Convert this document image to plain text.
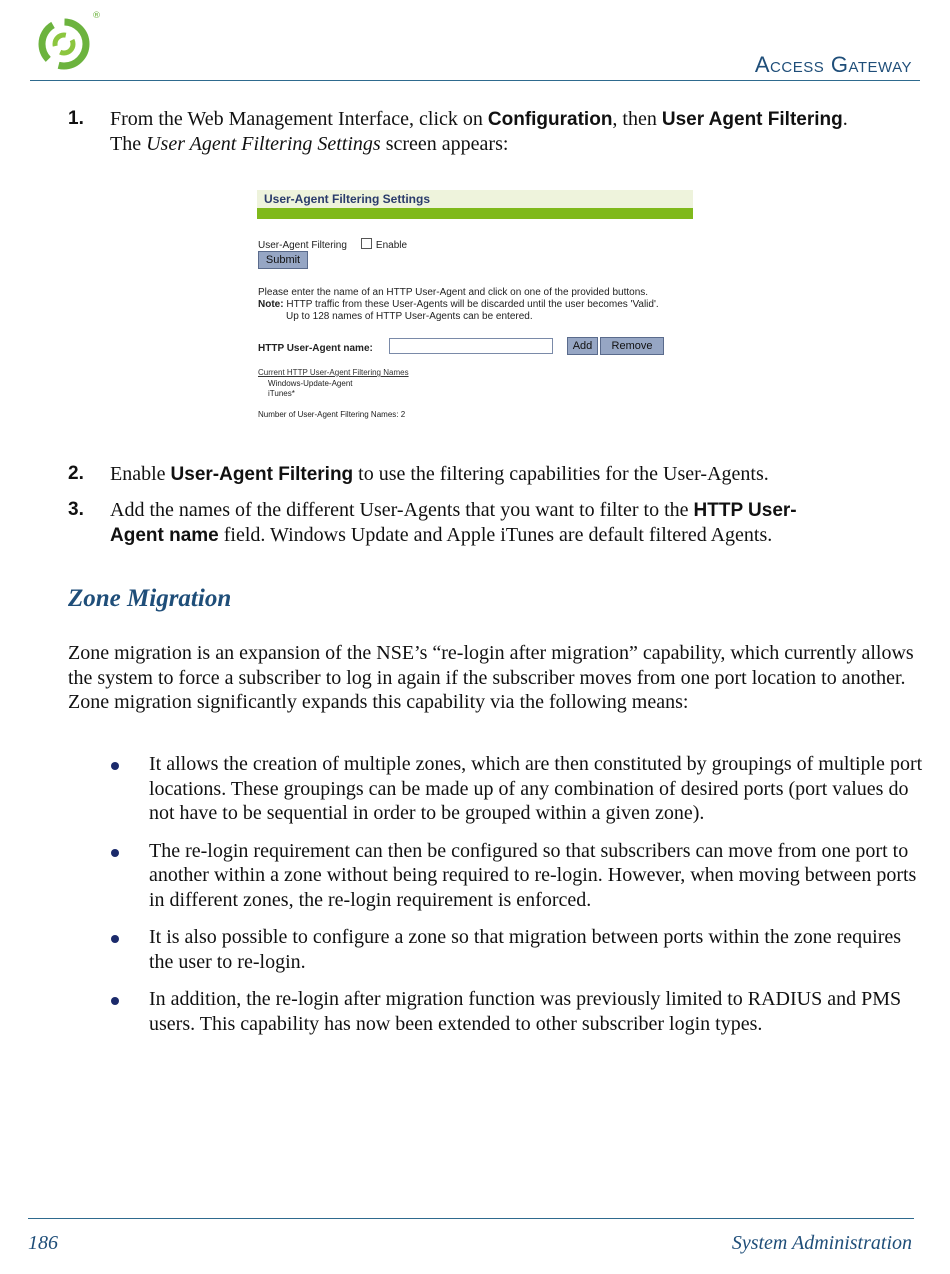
®
Access Gateway
1. From the Web Management Interface, click on Configuration, then User Agent Filtering.
The User Agent Filtering Settings screen appears:
User-Agent Filtering Settings
User-Agent Filtering	Enable
Submit
Please enter the name of an HTTP User-Agent and click on one of the provided buttons.
Note: HTTP traffic from these User-Agents will be discarded until the user becomes 'Valid'.
Up to 128 names of HTTP User-Agents can be entered.
HTTP User-Agent name:	Add	Remove
Current HTTP User-Agent Filtering Names
Windows-Update-Agent
iTunes*
Number of User-Agent Filtering Names: 2
2. Enable User-Agent Filtering to use the filtering capabilities for the User-Agents.
3. Add the names of the different User-Agents that you want to filter to the HTTP User-
Agent name field. Windows Update and Apple iTunes are default filtered Agents.
Zone Migration
Zone migration is an expansion of the NSE’s “re-login after migration” capability, which currently allows the system to force a subscriber to log in again if the subscriber moves from one port location to another. Zone migration significantly expands this capability via the following means:
It allows the creation of multiple zones, which are then constituted by groupings of multiple port locations. These groupings can be made up of any combination of desired ports (port values do not have to be sequential in order to be grouped within a given zone).
The re-login requirement can then be configured so that subscribers can move from one port to another within a zone without being required to re-login. However, when moving between ports in different zones, the re-login requirement is enforced.
It is also possible to configure a zone so that migration between ports within the zone requires the user to re-login.
In addition, the re-login after migration function was previously limited to RADIUS and PMS users. This capability has now been extended to other subscriber login types.
186	System Administration
